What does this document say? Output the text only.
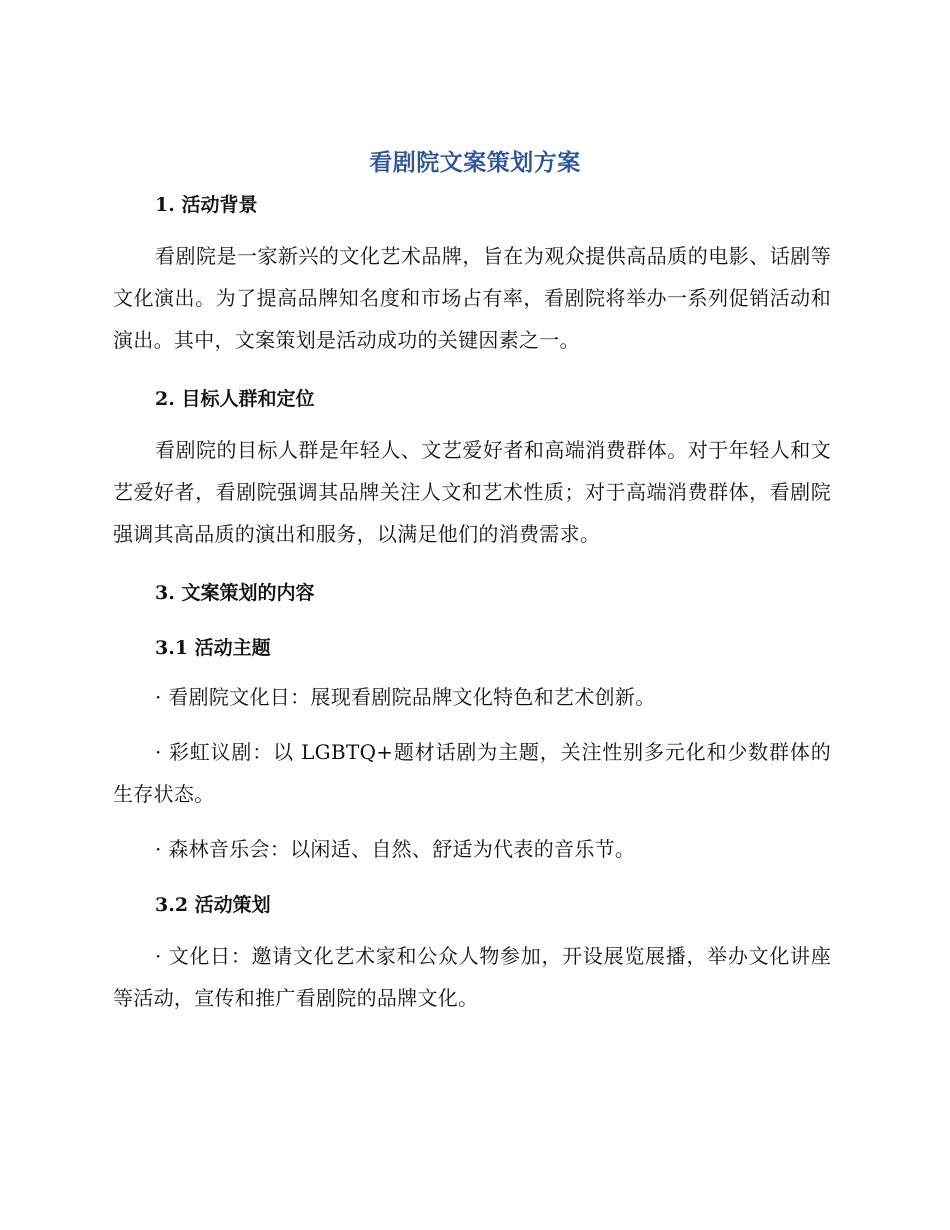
看剧院文案策划方案
1. 活动背景

看剧院是一家新兴的文化艺术品牌，旨在为观众提供高品质的电影、话剧等文化演出。为了提高品牌知名度和市场占有率，看剧院将举办一系列促销活动和演出。其中，文案策划是活动成功的关键因素之一。

2. 目标人群和定位

看剧院的目标人群是年轻人、文艺爱好者和高端消费群体。对于年轻人和文艺爱好者，看剧院强调其品牌关注人文和艺术性质；对于高端消费群体，看剧院强调其高品质的演出和服务，以满足他们的消费需求。

3. 文案策划的内容
3.1 活动主题

· 看剧院文化日：展现看剧院品牌文化特色和艺术创新。

· 彩虹议剧：以 LGBTQ+题材话剧为主题，关注性别多元化和少数群体的生存状态。

· 森林音乐会：以闲适、自然、舒适为代表的音乐节。

3.2 活动策划

· 文化日：邀请文化艺术家和公众人物参加，开设展览展播，举办文化讲座等活动，宣传和推广看剧院的品牌文化。
